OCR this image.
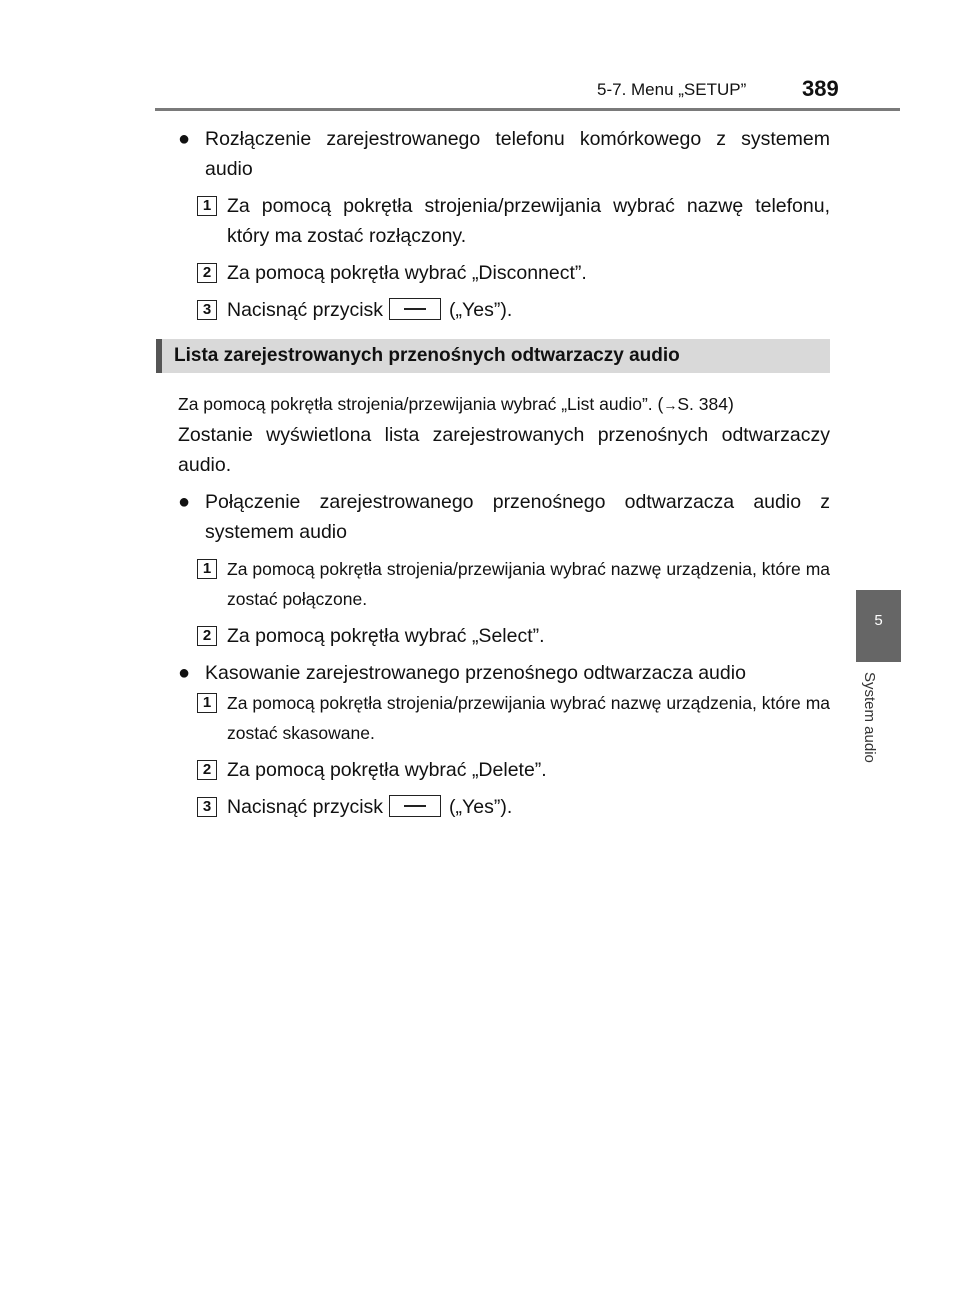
5-7. Menu „SETUP”	389
5
System audio
● Rozłączenie zarejestrowanego telefonu komórkowego z systemem audio
1 Za pomocą pokrętła strojenia/przewijania wybrać nazwę telefonu, który ma zostać rozłączony.
2 Za pomocą pokrętła wybrać „Disconnect”.
3 Nacisnąć przycisk	(„Yes”).
Lista zarejestrowanych przenośnych odtwarzaczy audio
Za pomocą pokrętła strojenia/przewijania wybrać „List audio”. (→S. 384)
Zostanie wyświetlona lista zarejestrowanych przenośnych odtwarzaczy audio.
● Połączenie zarejestrowanego przenośnego odtwarzacza audio z systemem audio
1 Za pomocą pokrętła strojenia/przewijania wybrać nazwę urządzenia, które ma zostać połączone.
2 Za pomocą pokrętła wybrać „Select”.
● Kasowanie zarejestrowanego przenośnego odtwarzacza audio
1 Za pomocą pokrętła strojenia/przewijania wybrać nazwę urządzenia, które ma zostać skasowane.
2 Za pomocą pokrętła wybrać „Delete”.
3 Nacisnąć przycisk	(„Yes”).
